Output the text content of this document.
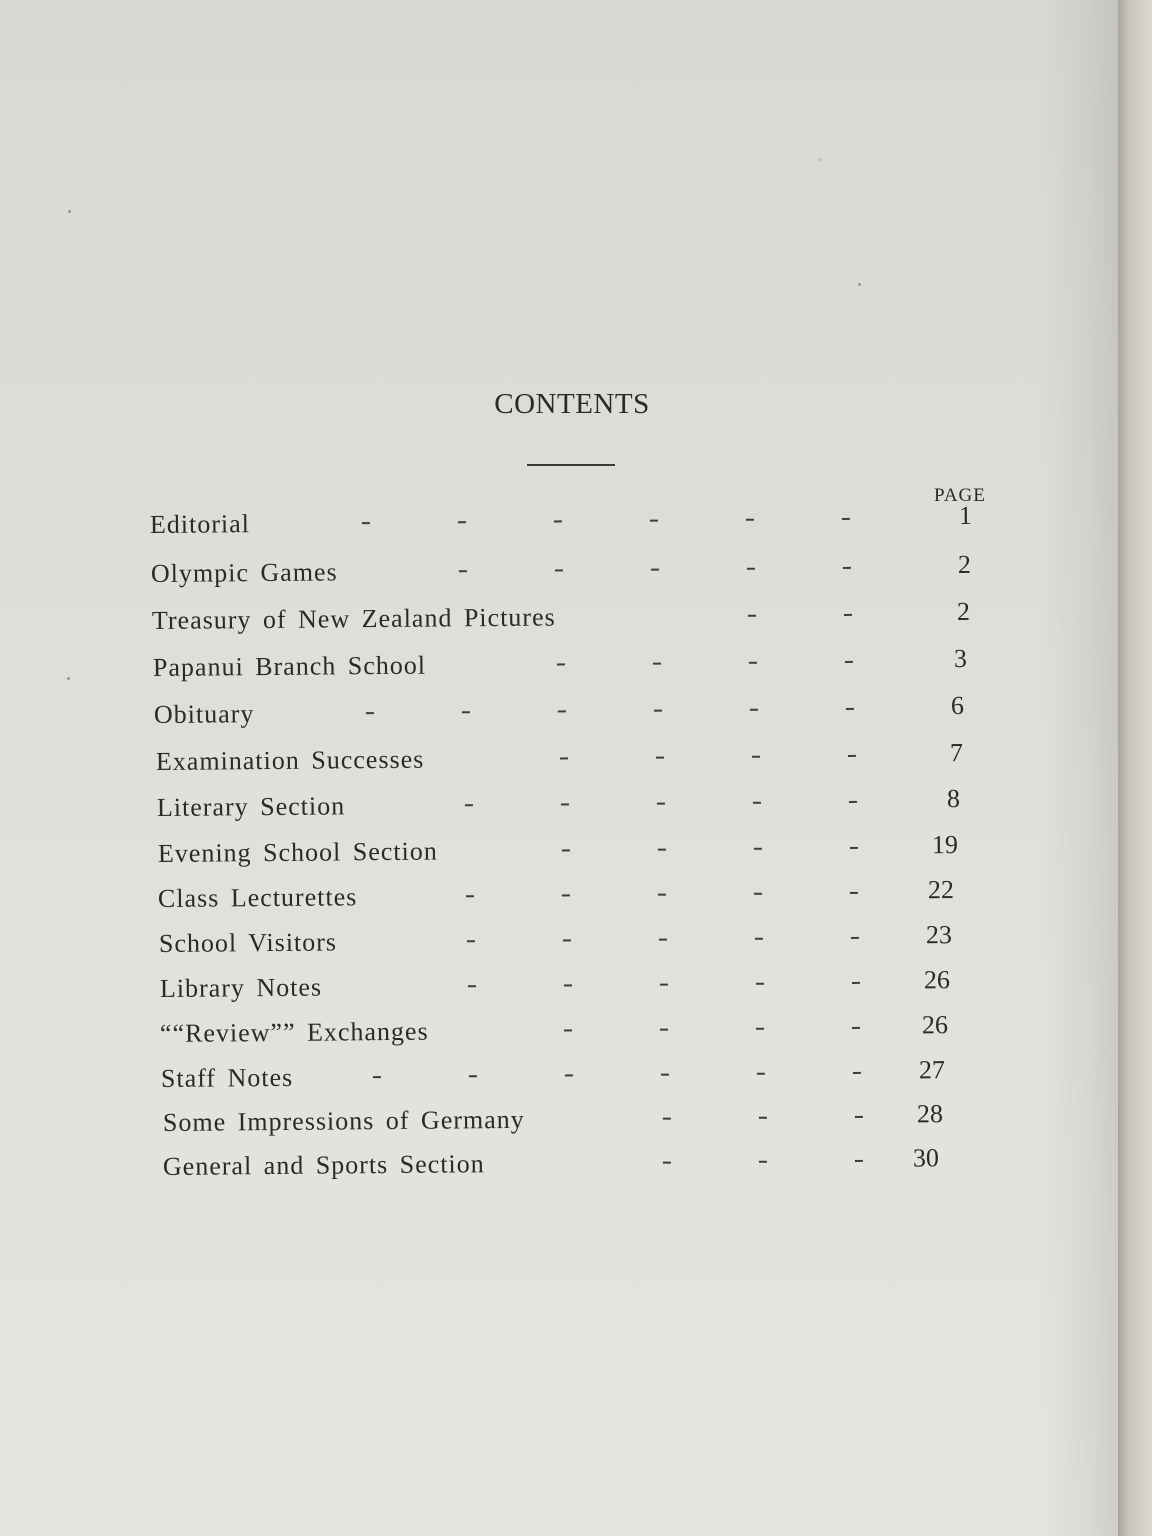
CONTENTS
PAGE
Editorial	1
Olympic Games	2
Treasury of New Zealand Pictures	2
Papanui Branch School	3
Obituary	6
Examination Successes	7
Literary Section	8
Evening School Section	19
Class Lecturettes	22
School Visitors	23
Library Notes	26
““Review”” Exchanges	26
Staff Notes	27
Some Impressions of Germany	28
General and Sports Section	30
